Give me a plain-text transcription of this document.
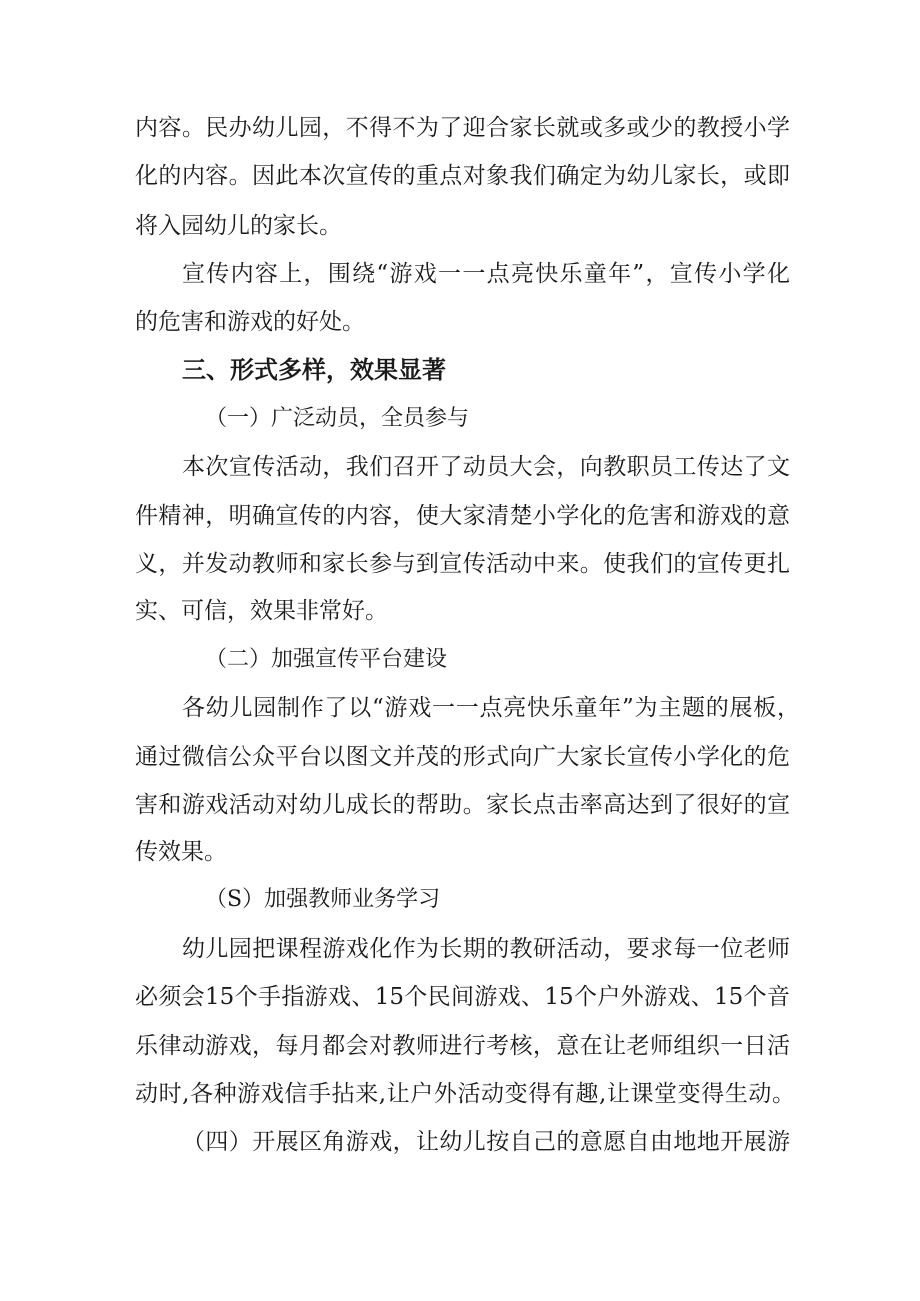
内容。民办幼儿园，不得不为了迎合家长就或多或少的教授小学
化的内容。因此本次宣传的重点对象我们确定为幼儿家长，或即
将入园幼儿的家长。
宣传内容上，围绕“游戏一一点亮快乐童年”，宣传小学化
的危害和游戏的好处。
三、形式多样，效果显著
（一）广泛动员，全员参与
本次宣传活动，我们召开了动员大会，向教职员工传达了文
件精神，明确宣传的内容，使大家清楚小学化的危害和游戏的意
义，并发动教师和家长参与到宣传活动中来。使我们的宣传更扎
实、可信，效果非常好。
（二）加强宣传平台建设
各幼儿园制作了以“游戏一一点亮快乐童年”为主题的展板，
通过微信公众平台以图文并茂的形式向广大家长宣传小学化的危
害和游戏活动对幼儿成长的帮助。家长点击率高达到了很好的宣
传效果。
（S）加强教师业务学习
幼儿园把课程游戏化作为长期的教研活动，要求每一位老师
必须会15个手指游戏、15个民间游戏、15个户外游戏、15个音
乐律动游戏，每月都会对教师进行考核，意在让老师组织一日活
动时,各种游戏信手拈来,让户外活动变得有趣,让课堂变得生动。
（四）开展区角游戏，让幼儿按自己的意愿自由地地开展游
